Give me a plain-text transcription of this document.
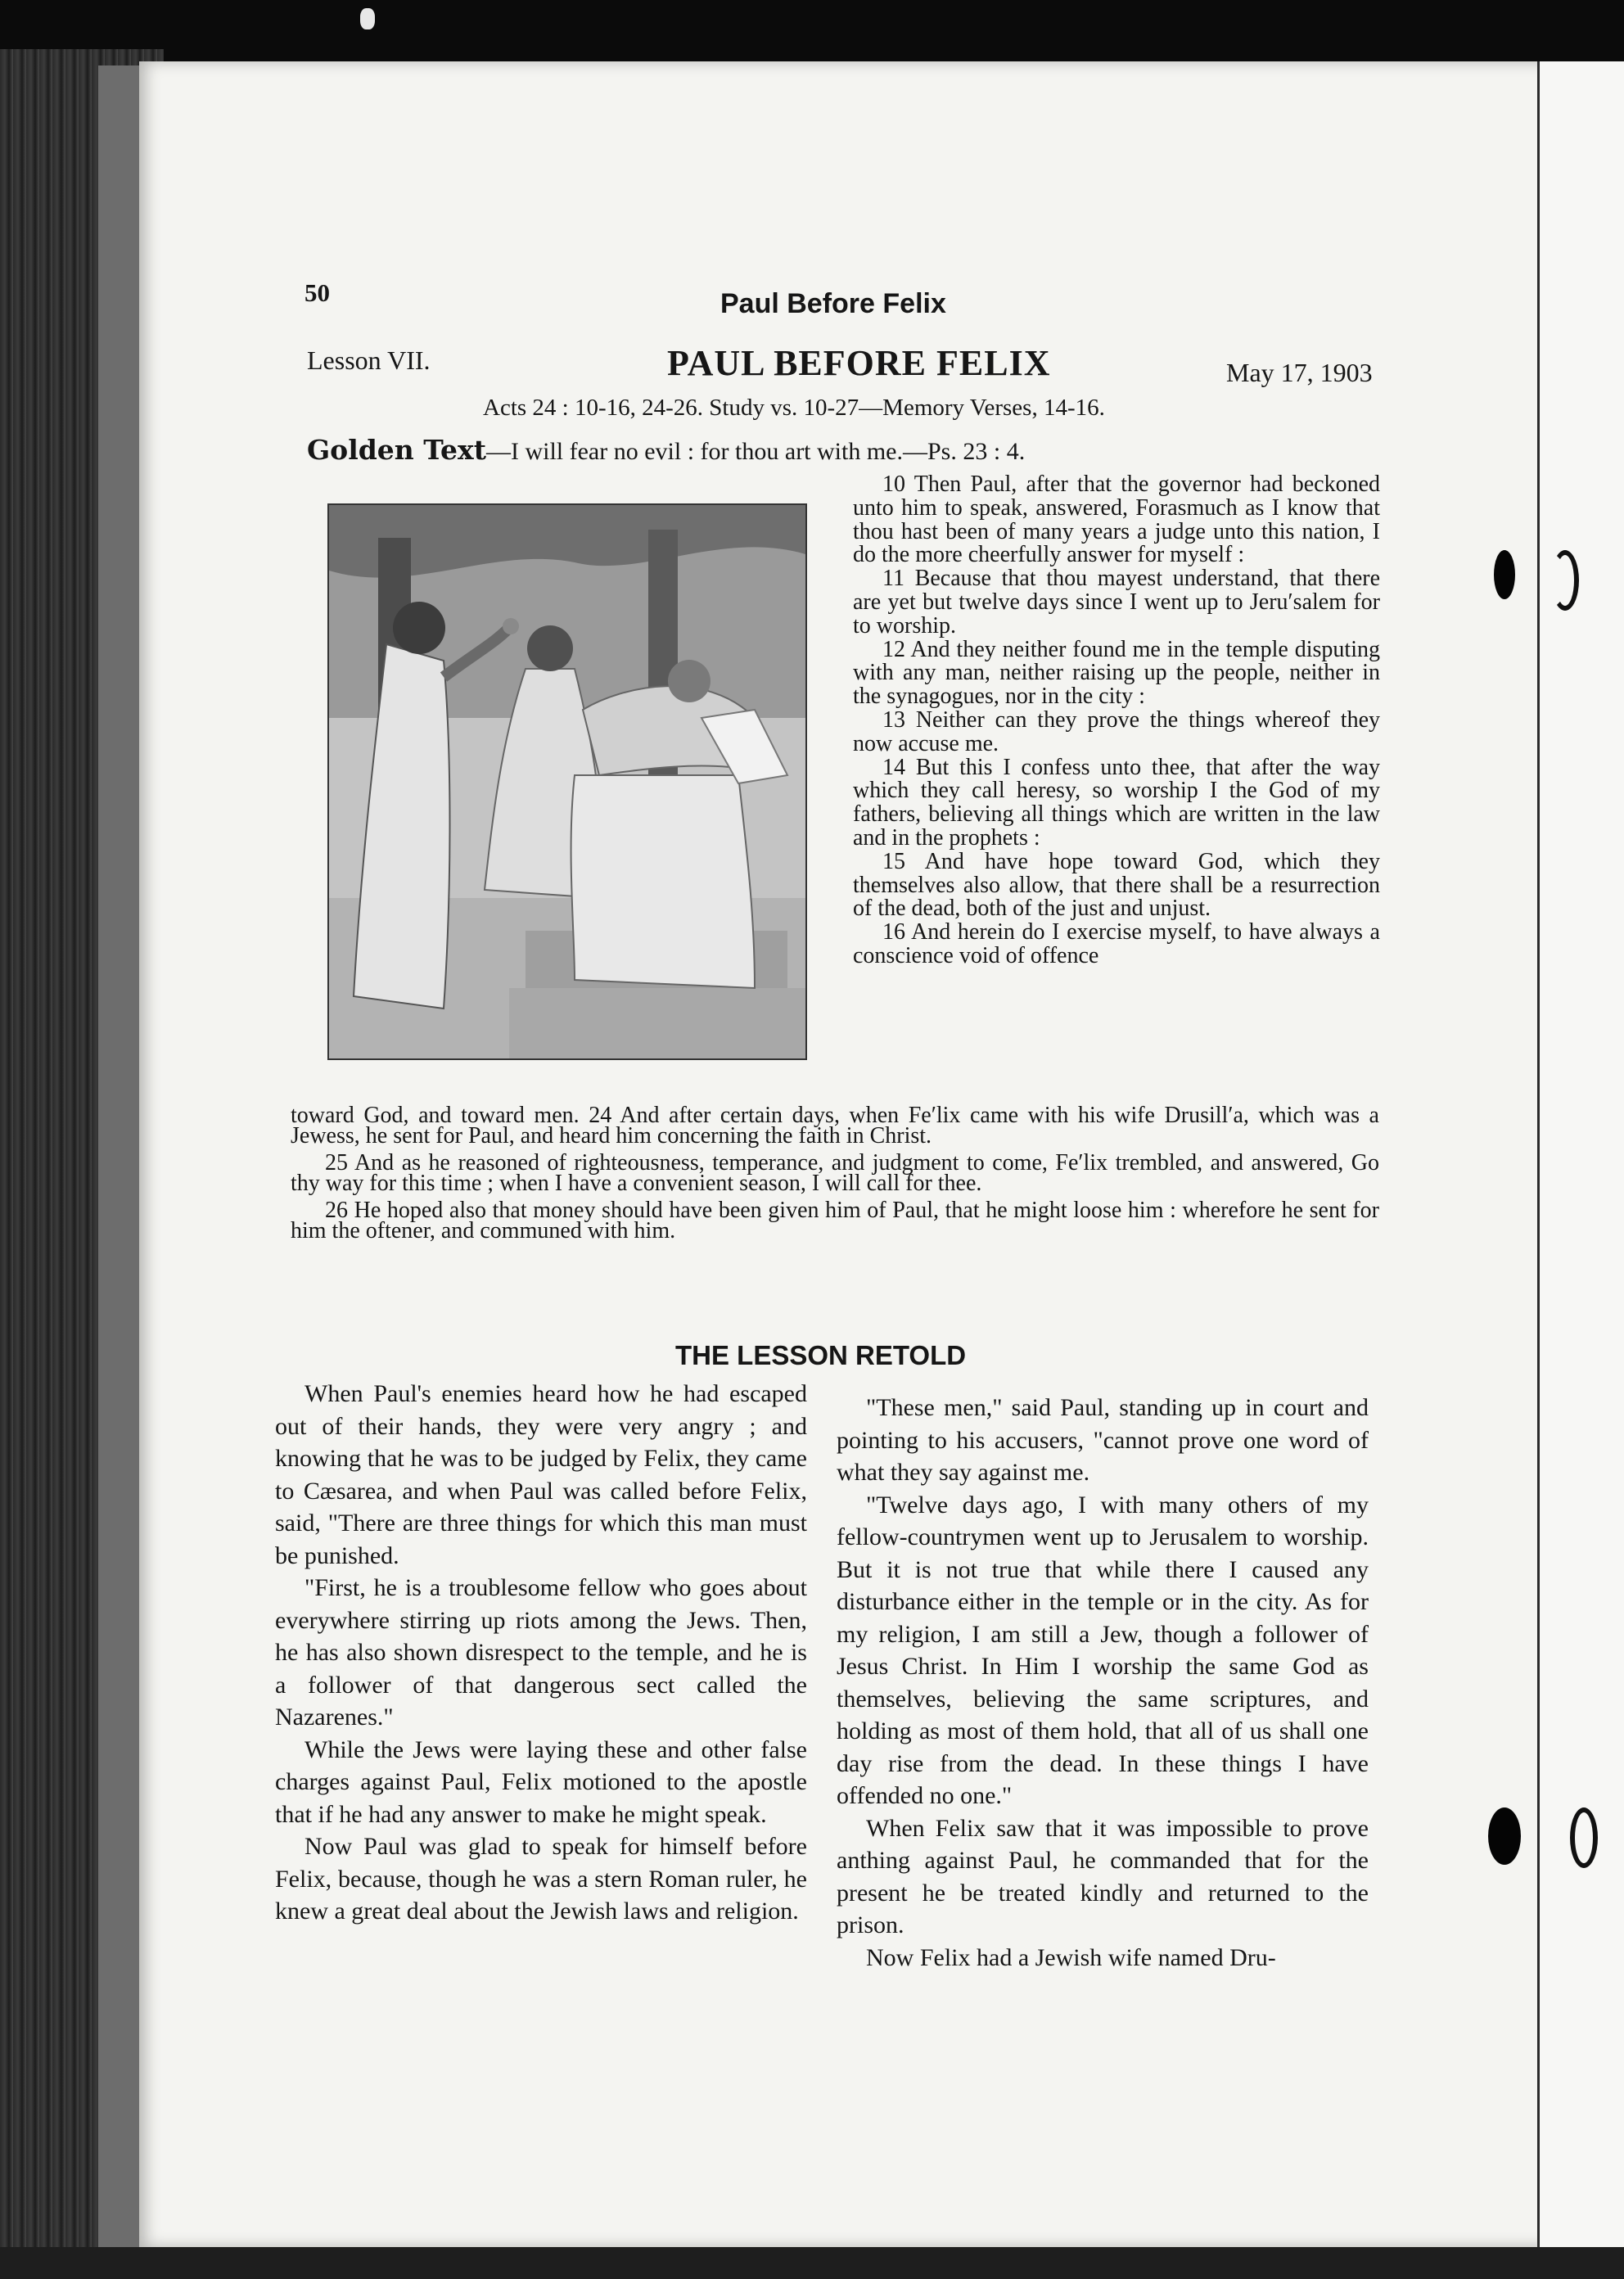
50	Paul Before Felix
Lesson VII.	PAUL BEFORE FELIX	May 17, 1903
Acts 24 : 10-16, 24-26. Study vs. 10-27—Memory Verses, 14-16.
Golden Text—I will fear no evil : for thou art with me.—Ps. 23 : 4.

10 Then Paul, after that the governor had beckoned unto him to speak, answered, Forasmuch as I know that thou hast been of many years a judge unto this nation, I do the more cheerfully answer for myself :

11 Because that thou mayest understand, that there are yet but twelve days since I went up to Jeru′salem for to worship.

12 And they neither found me in the temple disputing with any man, neither raising up the people, neither in the synagogues, nor in the city :

13 Neither can they prove the things whereof they now accuse me.

14 But this I confess unto thee, that after the way which they call heresy, so worship I the God of my fathers, believing all things which are written in the law and in the prophets :

15 And have hope toward God, which they themselves also allow, that there shall be a resurrection of the dead, both of the just and unjust.

16 And herein do I exercise myself, to have always a conscience void of offence

toward God, and toward men. 24 And after certain days, when Fe′lix came with his wife Drusill′a, which was a Jewess, he sent for Paul, and heard him concerning the faith in Christ.

25 And as he reasoned of righteousness, temperance, and judgment to come, Fe′lix trembled, and answered, Go thy way for this time ; when I have a convenient season, I will call for thee.

26 He hoped also that money should have been given him of Paul, that he might loose him : wherefore he sent for him the oftener, and communed with him.

THE LESSON RETOLD

When Paul's enemies heard how he had escaped out of their hands, they were very angry ; and knowing that he was to be judged by Felix, they came to Cæsarea, and when Paul was called before Felix, said, "There are three things for which this man must be punished.

"First, he is a troublesome fellow who goes about everywhere stirring up riots among the Jews. Then, he has also shown disrespect to the temple, and he is a follower of that dangerous sect called the Nazarenes."

While the Jews were laying these and other false charges against Paul, Felix motioned to the apostle that if he had any answer to make he might speak.

Now Paul was glad to speak for himself before Felix, because, though he was a stern Roman ruler, he knew a great deal about the Jewish laws and religion.

"These men," said Paul, standing up in court and pointing to his accusers, "cannot prove one word of what they say against me.

"Twelve days ago, I with many others of my fellow-countrymen went up to Jerusalem to worship. But it is not true that while there I caused any disturbance either in the temple or in the city. As for my religion, I am still a Jew, though a follower of Jesus Christ. In Him I worship the same God as themselves, believing the same scriptures, and holding as most of them hold, that all of us shall one day rise from the dead. In these things I have offended no one."

When Felix saw that it was impossible to prove anthing against Paul, he commanded that for the present he be treated kindly and returned to the prison.

Now Felix had a Jewish wife named Dru-
